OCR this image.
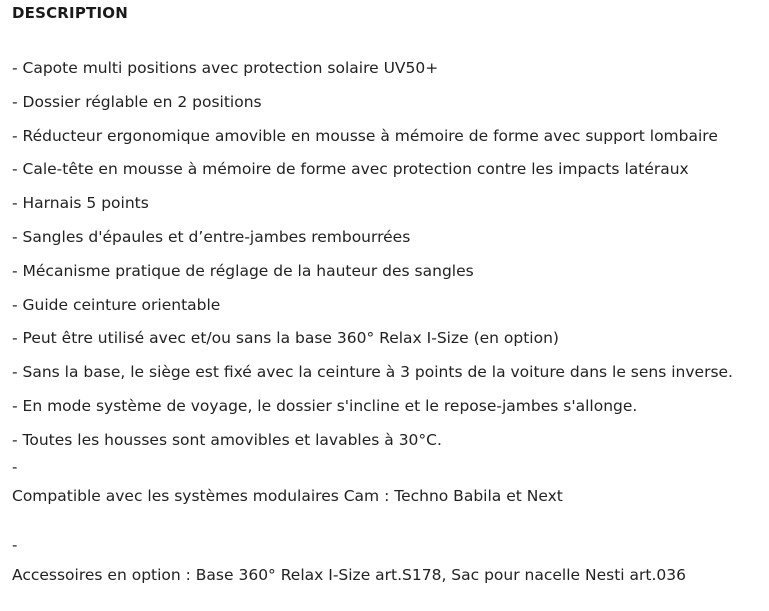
DESCRIPTION
- Capote multi positions avec protection solaire UV50+
- Dossier réglable en 2 positions
- Réducteur ergonomique amovible en mousse à mémoire de forme avec support lombaire
- Cale-tête en mousse à mémoire de forme avec protection contre les impacts latéraux
- Harnais 5 points
- Sangles d'épaules et d’entre-jambes rembourrées
- Mécanisme pratique de réglage de la hauteur des sangles
- Guide ceinture orientable
- Peut être utilisé avec et/ou sans la base 360° Relax I-Size (en option)
- Sans la base, le siège est fixé avec la ceinture à 3 points de la voiture dans le sens inverse.
- En mode système de voyage, le dossier s'incline et le repose-jambes s'allonge.
- Toutes les housses sont amovibles et lavables à 30°C.
-
Compatible avec les systèmes modulaires Cam : Techno Babila et Next
-
Accessoires en option : Base 360° Relax I-Size art.S178, Sac pour nacelle Nesti art.036
